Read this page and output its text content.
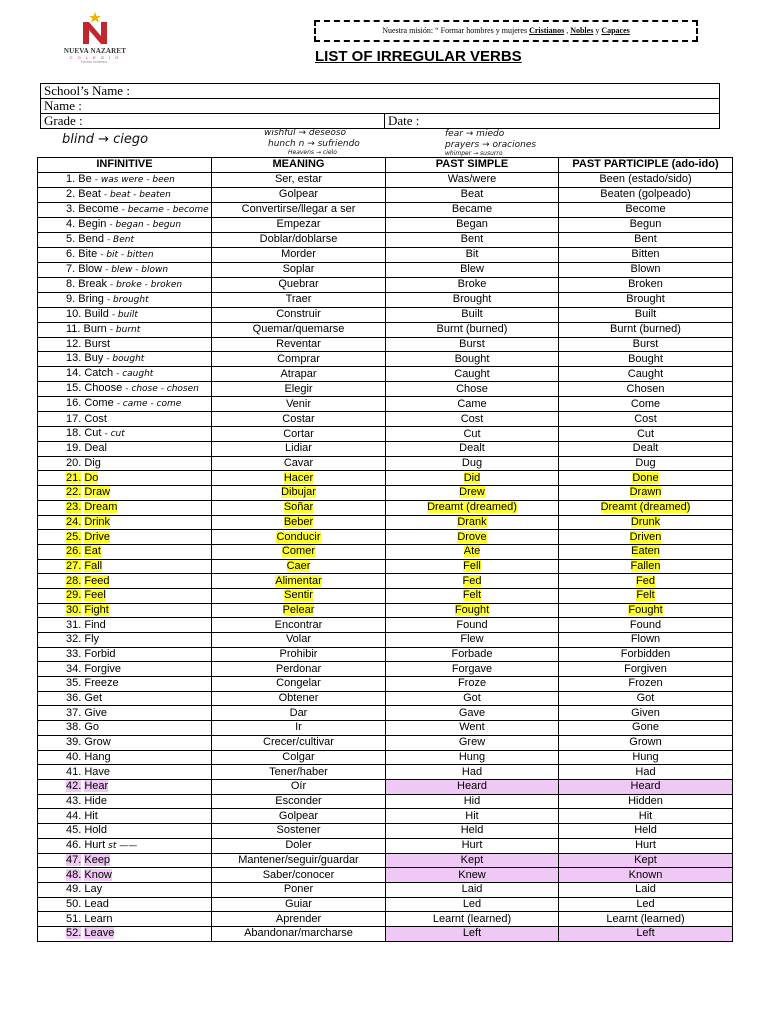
NUEVA NAZARET
C O L E G I O
Formar hombres...
Nuestra misión: “ Formar hombres y mujeres Cristianos , Nobles y Capaces
LIST OF IRREGULAR VERBS
School’s Name :
Name :
Grade :	Date :
blind → ciego	wishful → deseoso
hunch n → sufriendo
Heavens → cielo
fear → miedo
prayers → oraciones
whimper → susurro
INFINITIVE	MEANING	PAST SIMPLE	PAST PARTICIPLE (ado-ido)
1. Be - was were - been	Ser, estar	Was/were	Been (estado/sido)
2. Beat - beat - beaten	Golpear	Beat	Beaten (golpeado)
3. Become - became - become	Convertirse/llegar a ser	Became	Become
4. Begin - began - begun	Empezar	Began	Begun
5. Bend - Bent	Doblar/doblarse	Bent	Bent
6. Bite - bit - bitten	Morder	Bit	Bitten
7. Blow - blew - blown	Soplar	Blew	Blown
8. Break - broke - broken	Quebrar	Broke	Broken
9. Bring - brought	Traer	Brought	Brought
10. Build - built	Construir	Built	Built
11. Burn - burnt	Quemar/quemarse	Burnt (burned)	Burnt (burned)
12. Burst	Reventar	Burst	Burst
13. Buy - bought	Comprar	Bought	Bought
14. Catch - caught	Atrapar	Caught	Caught
15. Choose - chose - chosen	Elegir	Chose	Chosen
16. Come - came - come	Venir	Came	Come
17. Cost	Costar	Cost	Cost
18. Cut - cut	Cortar	Cut	Cut
19. Deal	Lidiar	Dealt	Dealt
20. Dig	Cavar	Dug	Dug
21. Do	Hacer	Did	Done
22. Draw	Dibujar	Drew	Drawn
23. Dream	Soñar	Dreamt (dreamed)	Dreamt (dreamed)
24. Drink	Beber	Drank	Drunk
25. Drive	Conducir	Drove	Driven
26. Eat	Comer	Ate	Eaten
27. Fall	Caer	Fell	Fallen
28. Feed	Alimentar	Fed	Fed
29. Feel	Sentir	Felt	Felt
30. Fight	Pelear	Fought	Fought
31. Find	Encontrar	Found	Found
32. Fly	Volar	Flew	Flown
33. Forbid	Prohibir	Forbade	Forbidden
34. Forgive	Perdonar	Forgave	Forgiven
35. Freeze	Congelar	Froze	Frozen
36. Get	Obtener	Got	Got
37. Give	Dar	Gave	Given
38. Go	Ir	Went	Gone
39. Grow	Crecer/cultivar	Grew	Grown
40. Hang	Colgar	Hung	Hung
41. Have	Tener/haber	Had	Had
42. Hear	Oír	Heard	Heard
43. Hide	Esconder	Hid	Hidden
44. Hit	Golpear	Hit	Hit
45. Hold	Sostener	Held	Held
46. Hurt st ——	Doler	Hurt	Hurt
47. Keep	Mantener/seguir/guardar	Kept	Kept
48. Know	Saber/conocer	Knew	Known
49. Lay	Poner	Laid	Laid
50. Lead	Guiar	Led	Led
51. Learn	Aprender	Learnt (learned)	Learnt (learned)
52. Leave	Abandonar/marcharse	Left	Left
